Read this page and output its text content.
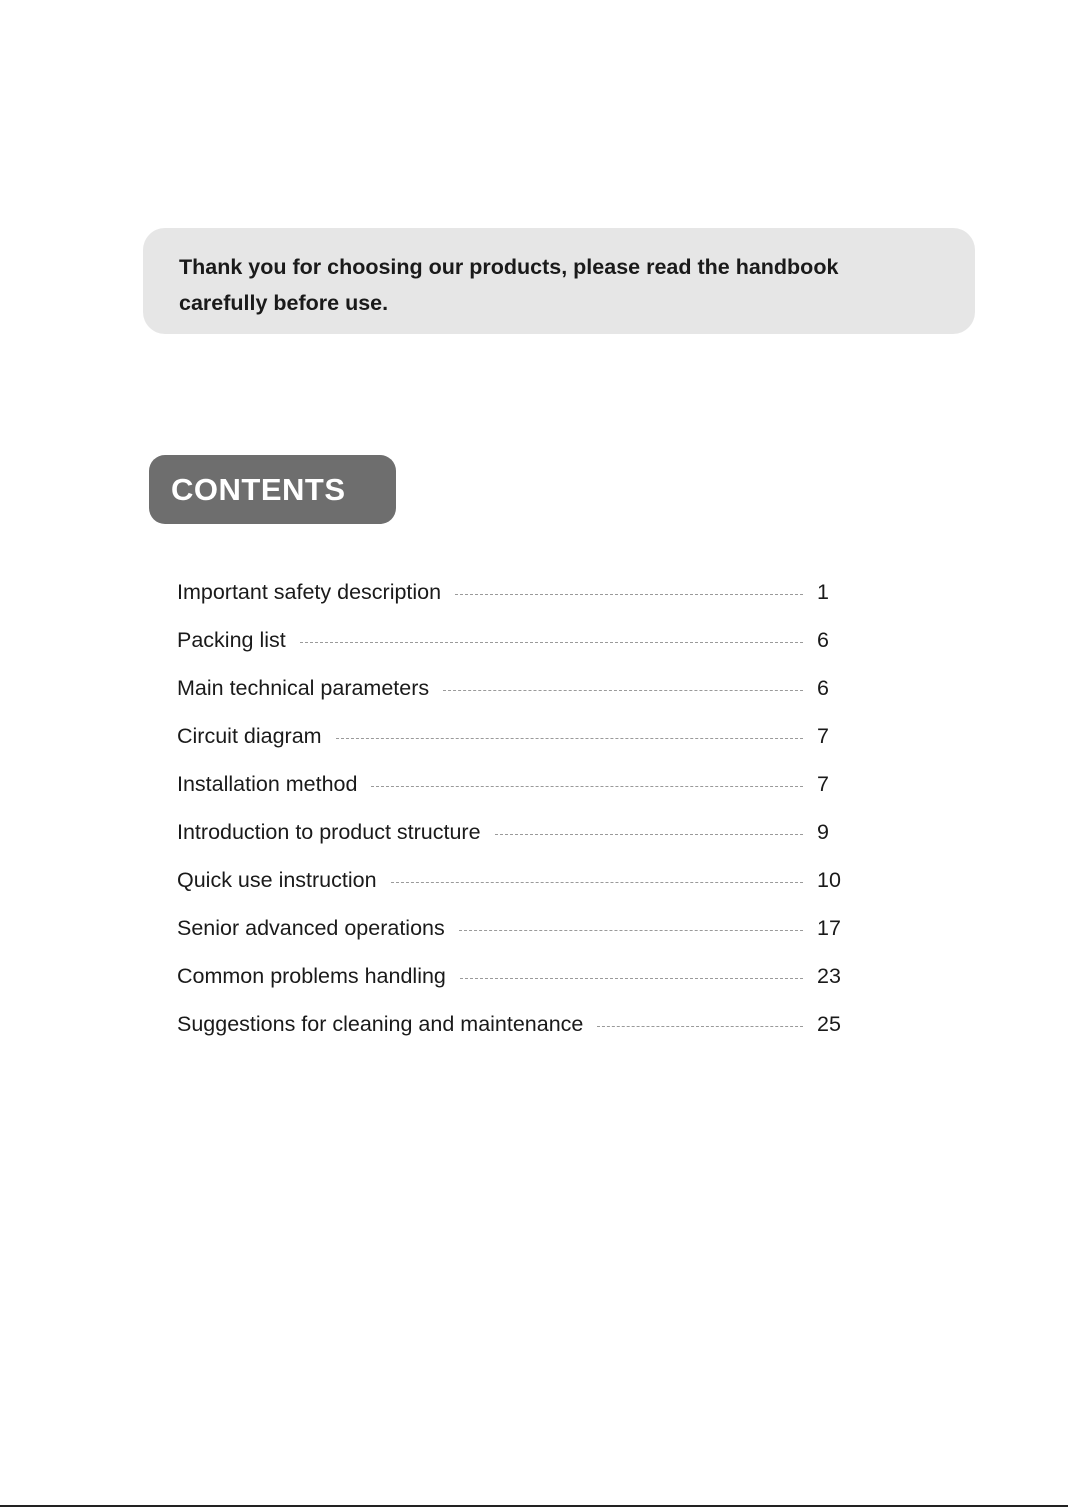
Thank you for choosing our products, please read the handbook

carefully before use.

CONTENTS
Important safety description	1
Packing list	6
Main technical parameters	6
Circuit diagram	7
Installation method	7
Introduction to product structure	9
Quick use instruction	10
Senior advanced operations	17
Common problems handling	23
Suggestions for cleaning and maintenance	25
